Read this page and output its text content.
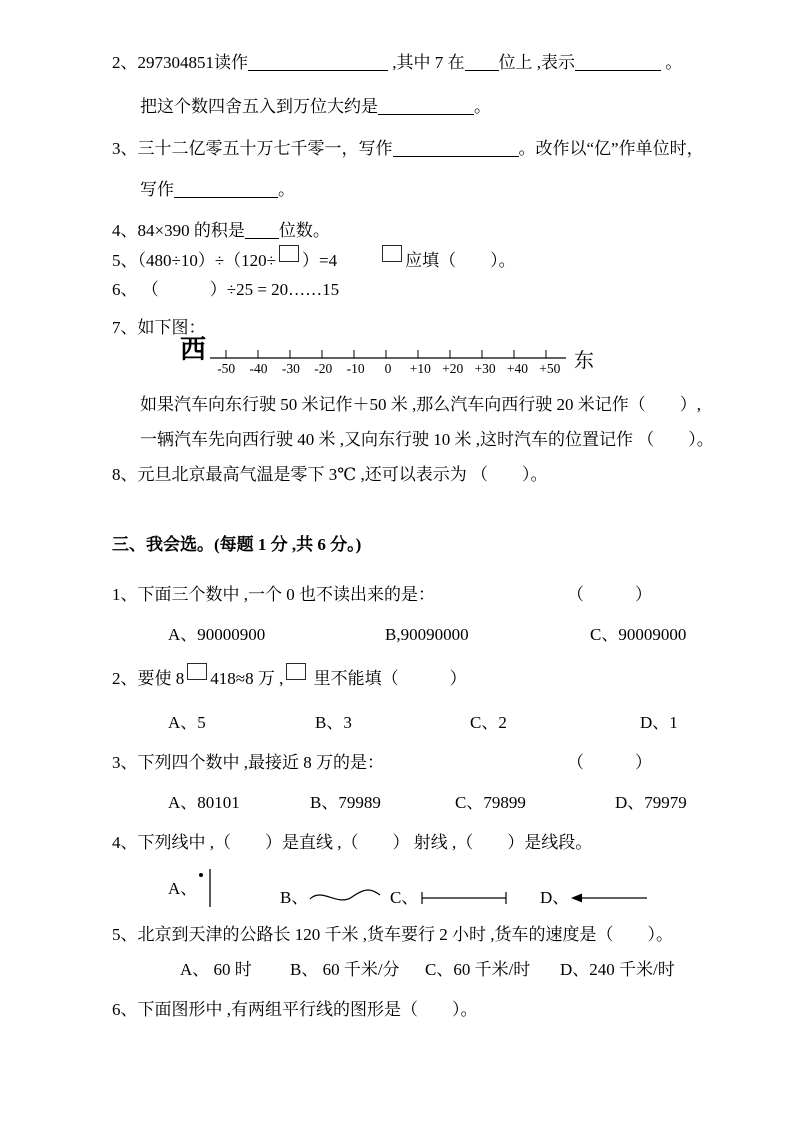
2、297304851读作	,其中 7 在 位上 ,表示	。
把这个数四舍五入到万位大约是	。
3、三十二亿零五十万七千零一，写作	。改作以“亿”作单位时，
写作	。
4、84×390 的积是 位数。
5、（480÷10）÷（120÷ ）=4	应填（　　）。
6、 （　　　）÷25 = 20……15
7、如下图：
西
-50	-40	-30	-20	-10	0	+10 +20 +30 +40 +50 东
如果汽车向东行驶 50 米记作＋50 米 ,那么汽车向西行驶 20 米记作（　　）,
一辆汽车先向西行驶 40 米 ,又向东行驶 10 米 ,这时汽车的位置记作 （　　）。
8、元旦北京最高气温是零下 3℃ ,还可以表示为 （　　）。
三、我会选。(每题 1 分 ,共 6 分。)
1、下面三个数中 ,一个 0 也不读出来的是：	（　　　）
A、90000900	B,90090000	C、90009000
2、要使 8 418≈8 万 , 里不能填（　　　）
A、5	B、3	C、2	D、1
3、下列四个数中 ,最接近 8 万的是：	（　　　）
A、80101	B、79989	C、79899	D、79979
4、下列线中 ,（　　）是直线 ,（　　） 射线 ,（　　）是线段。
A、	B、	C、	D、
5、北京到天津的公路长 120 千米 ,货车要行 2 小时 ,货车的速度是（　　）。
A、 60 时	B、 60 千米/分	C、60 千米/时	D、240 千米/时
6、下面图形中 ,有两组平行线的图形是（　　）。
